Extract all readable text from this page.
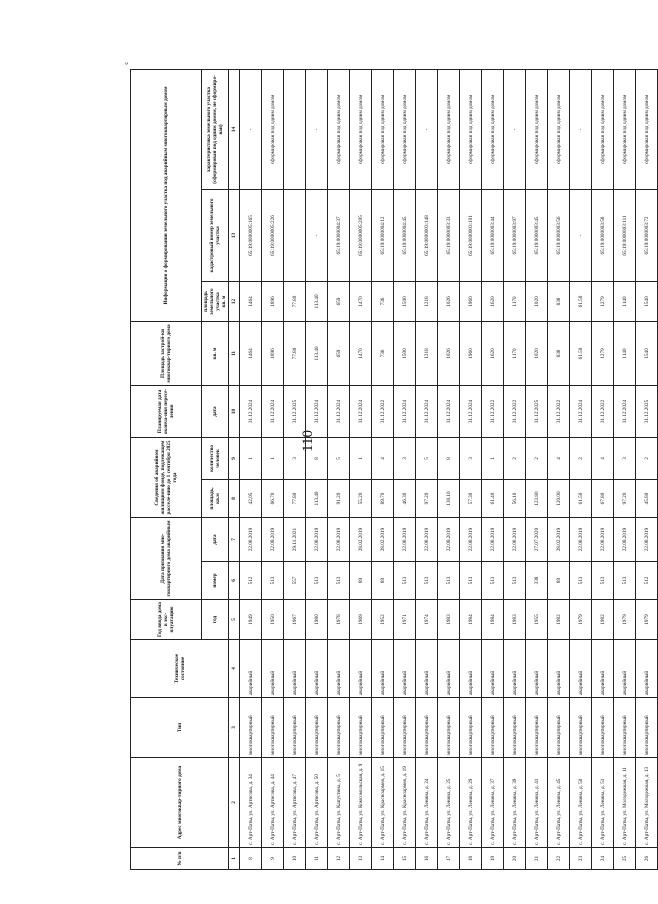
110
с
№ п/п	Адрес многоквар-тирного дома	Тип	Техническое состояние	Год ввода дома в экс-плуатацию	Дата признания мно-гоквартирного дома аварийным		Сведения об аварийном жилищном фонде, подлежащем расселе-нию до 1 сентября 2025 года		Планируемая дата оконча-ния пересе-ления	Площадь застрой-ки многоквар-тирного дома	Информация о формировании земельного участка под аварийным многоквартирным домом		
				год	номер	дата	площадь, кв.м	количество человек	дата	кв. м	площадь земельного участка
кв. м	кадастровый номер земельного участка	характеристика земельного участка (сформирован под одним домом, не сформиро-ван)
1	2	3	4	5	6	7	8	9	10	11	12	13	14
8	с. Арт-Паты, ул. Артисова, д. 34	многоквартирный	аварийный	1949	512	22.08.2019	42,05	1	31.12.2024	1464	1464	65:19:0000005:165	-
9	с. Арт-Паты, ул. Артисова, д. 44	многоквартирный	аварийный	1950	513	22.08.2019	66.70	1	31.12.2024	1896	1896	65:19:0000005:226	сформирован под одним домом
10	с. Арт-Паты, ул. Артисова, д. 47	многоквартирный	аварийный	1967	557	29.11.2021	77.80	3	31.12.2025	77.80	77.80		
11	с. Арт-Паты, ул. Артисова, д. 50	многоквартирный	аварийный	1980	513	22.08.2019	113.40	8	31.12.2024	113.40	113.40	-	-
12	с. Арт-Паты, ул. Капустина, д. 5	многоквартирный	аварийный	1978	513	22.08.2019	91.20	5	31.12.2024	659	659	65:19:0000004:37	сформирован под одним домом
13	с. Арт-Паты, ул. Комсомольская, д. 9	многоквартирный	аварийный	1969	89	28.02.2019	55.20	1	31.12.2024	1470	1470	65:19:0000005:205	сформирован под одним домом
14	с. Арт-Паты, ул. Красноармея, д. 15	многоквартирный	аварийный	1952	89	28.02.2019	89.70	4	31.12.2022	736	736	65:19:0000004:12	сформирован под одним домом
15	с. Арт-Паты, ул. Красноармея, д. 19	многоквартирный	аварийный	1971	513	22.08.2019	46.30	3	31.12.2024	1500	1500	65:19:0000004:45	сформирован под одним домом
16	с. Арт-Паты, ул. Ленина, д. 24	многоквартирный	аварийный	1974	513	22.08.2019	97.20	5	31.12.2024	1218	1218	65:19:0000003:148	-
17	с. Арт-Паты, ул. Ленина, д. 25	многоквартирный	аварийный	1983	513	22.08.2019	130.10	8	31.12.2024	1026	1026	65:19:0000003:33	сформирован под одним домом
18	с. Арт-Паты, ул. Ленина, д. 29	многоквартирный	аварийный	1984	513	22.08.2019	57.30	3	31.12.2024	1960	1960	65:19:0000003:101	сформирован под одним домом
19	с. Арт-Паты, ул. Ленина, д. 37	многоквартирный	аварийный	1984	513	22.08.2019	61.40	1	31.12.2022	1620	1620	65:19:0000003:44	сформирован под одним домом
20	с. Арт-Паты, ул. Ленина, д. 39	многоквартирный	аварийный	1983	513	22.08.2019	56.10	2	31.12.2022	1170	1170	65:19:0000003:97	-
21	с. Арт-Паты, ул. Ленина, д. 41	многоквартирный	аварийный	1955	338	27.07.2020	123.80	2	31.12.2025	1020	1020	65:19:0000003:45	сформирован под одним домом
22	с. Арт-Паты, ул. Ленина, д. 45	многоквартирный	аварийный	1982	89	28.02.2019	120.00	4	31.12.2022	838	838	65:19:0000003:56	сформирован под одним домом
23	с. Арт-Паты, ул. Ленина, д. 50	многоквартирный	аварийный	1979	513	22.08.2019	61.50	2	31.12.2024	61.50	61.50	-	-
24	с. Арт-Паты, ул. Ленина, д. 51	многоквартирный	аварийный	1982	513	22.08.2019	67.80	4	31.12.2022	1279	1279	65:19:0000003:58	сформирован под одним домом
25	с. Арт-Паты, ул. Молодежная, д. 11	многоквартирный	аварийный	1979	513	22.08.2019	97.20	3	31.12.2024	1140	1140	65:19:0000003:111	сформирован под одним домом
26	с. Арт-Паты, ул. Молодежная, д. 13	многоквартирный	аварийный	1979	512	22.08.2019	45.80	2	31.12.2025	1540	1540	65:19:0000003:72	сформирован под одним домом
